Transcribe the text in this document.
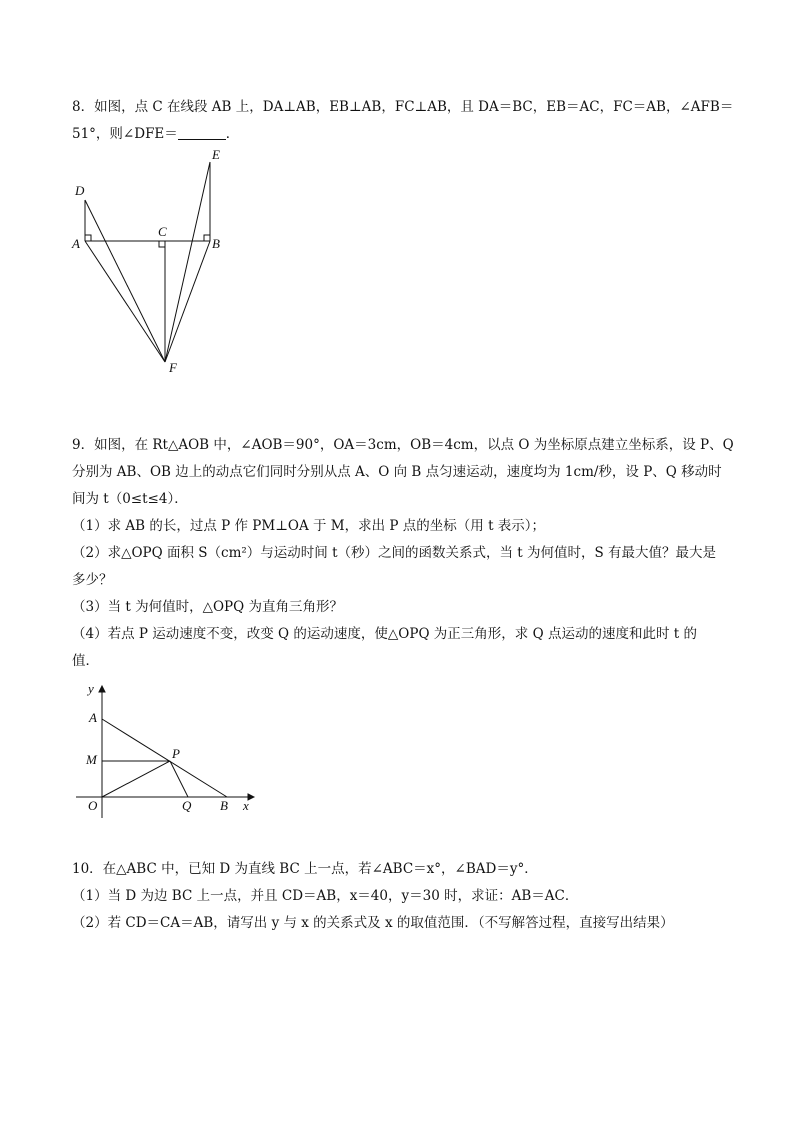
8．如图，点 C 在线段 AB 上，DA⊥AB，EB⊥AB，FC⊥AB，且 DA＝BC，EB＝AC，FC＝AB，∠AFB＝
51°，则∠DFE＝	．
D
E
A
C
B
F
9．如图，在 Rt△AOB 中，∠AOB＝90°，OA＝3cm，OB＝4cm，以点 O 为坐标原点建立坐标系，设 P、Q
分别为 AB、OB 边上的动点它们同时分别从点 A、O 向 B 点匀速运动，速度均为 1cm/秒，设 P、Q 移动时
间为 t（0≤t≤4）．
（1）求 AB 的长，过点 P 作 PM⊥OA 于 M，求出 P 点的坐标（用 t 表示）；
（2）求△OPQ 面积 S（cm²）与运动时间 t（秒）之间的函数关系式，当 t 为何值时，S 有最大值？最大是
多少？
（3）当 t 为何值时，△OPQ 为直角三角形？
（4）若点 P 运动速度不变，改变 Q 的运动速度，使△OPQ 为正三角形，求 Q 点运动的速度和此时 t 的
值．
y
A
M	P
O	Q B x
10．在△ABC 中，已知 D 为直线 BC 上一点，若∠ABC＝x°，∠BAD＝y°．
（1）当 D 为边 BC 上一点，并且 CD＝AB，x＝40，y＝30 时，求证：AB＝AC．
（2）若 CD＝CA＝AB，请写出 y 与 x 的关系式及 x 的取值范围．（不写解答过程，直接写出结果）
